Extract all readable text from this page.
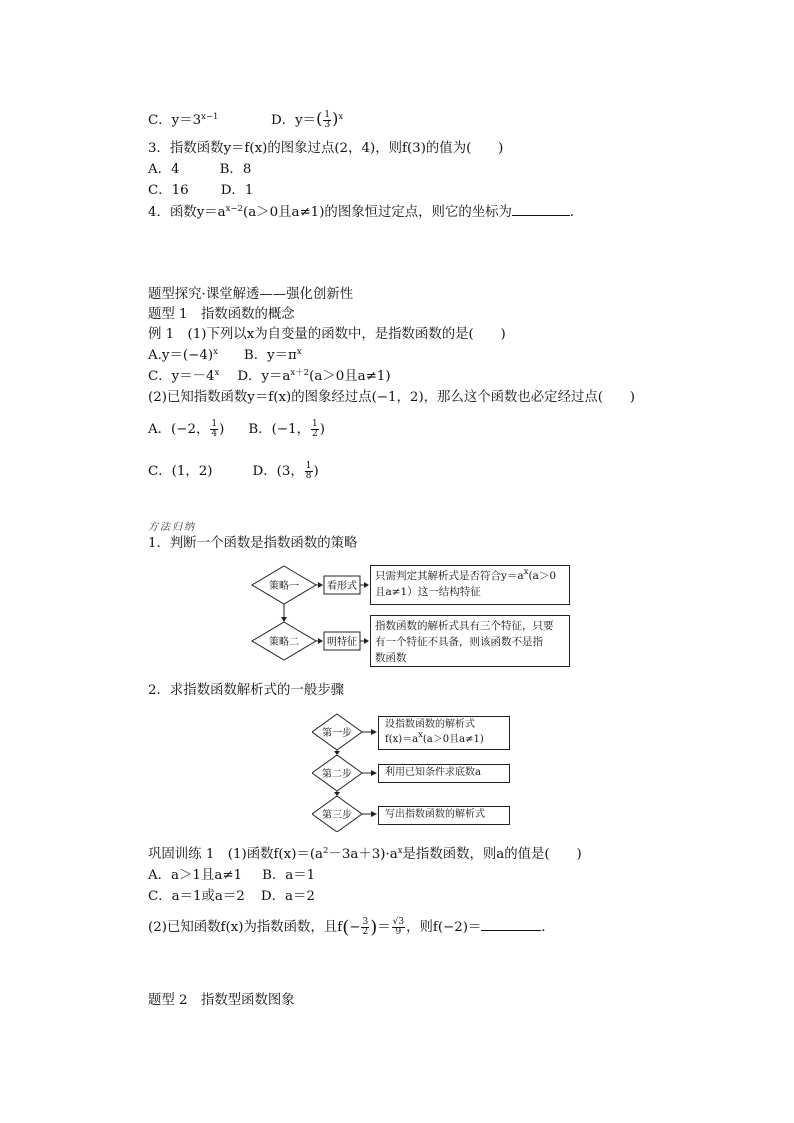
C．$y=3^{x-1}$	D．$y=( \frac{1}{3} )^x$
3．指数函数y＝f(x)的图象过点(2，4)，则f(3)的值为(　　)
A．4	B．8
C．16 D．1
4．函数$y=a^{x-2}(a>0$且a≠1)的图象恒过定点，则它的坐标为	．
题型探究·课堂解透——强化创新性
题型 1　指数函数的概念
例 1　(1)下列以x为自变量的函数中，是指数函数的是(　　)
$A.y=(-4)^x$ B．$y=\pi^x$
C．$y=-4^x$ D．$y=a^{x+2}(a>0$且a≠1)
(2)已知指数函数y＝f(x)的图象经过点(−1，2)，那么这个函数也必定经过点(　　)
A．(−2， $\frac{1}{4}$ ) B．(−1， $\frac{1}{2}$ )
C．(1，2)	D．(3， $\frac{1}{8}$ )
方法归纳
1．判断一个函数是指数函数的策略
策略一
策略二
看形式
明特征
只需判定其解析式是否符合$y=a^x(a>0$
且a≠1）这一结构特征
指数函数的解析式具有三个特征，只要
有一个特征不具备，则该函数不是指
数函数
2．求指数函数解析式的一般步骤
第一步
第二步
第三步
设指数函数的解析式
$f(x)=a^x(a>0$且a≠1)
利用已知条件求底数a
写出指数函数的解析式
巩固训练 1　(1)函数$f(x)=(a^2-3a+3)\cdot a^x$是指数函数，则a的值是(　　)
A．a＞1且a≠1 B．a＝1
C．a＝1或a＝2 D．a＝2
(2)已知函数f(x)为指数函数，且$f(- \frac{3}{2}$ )＝ $\frac{√3}{9}$ ，则f(−2)＝	．
题型 2　指数型函数图象
